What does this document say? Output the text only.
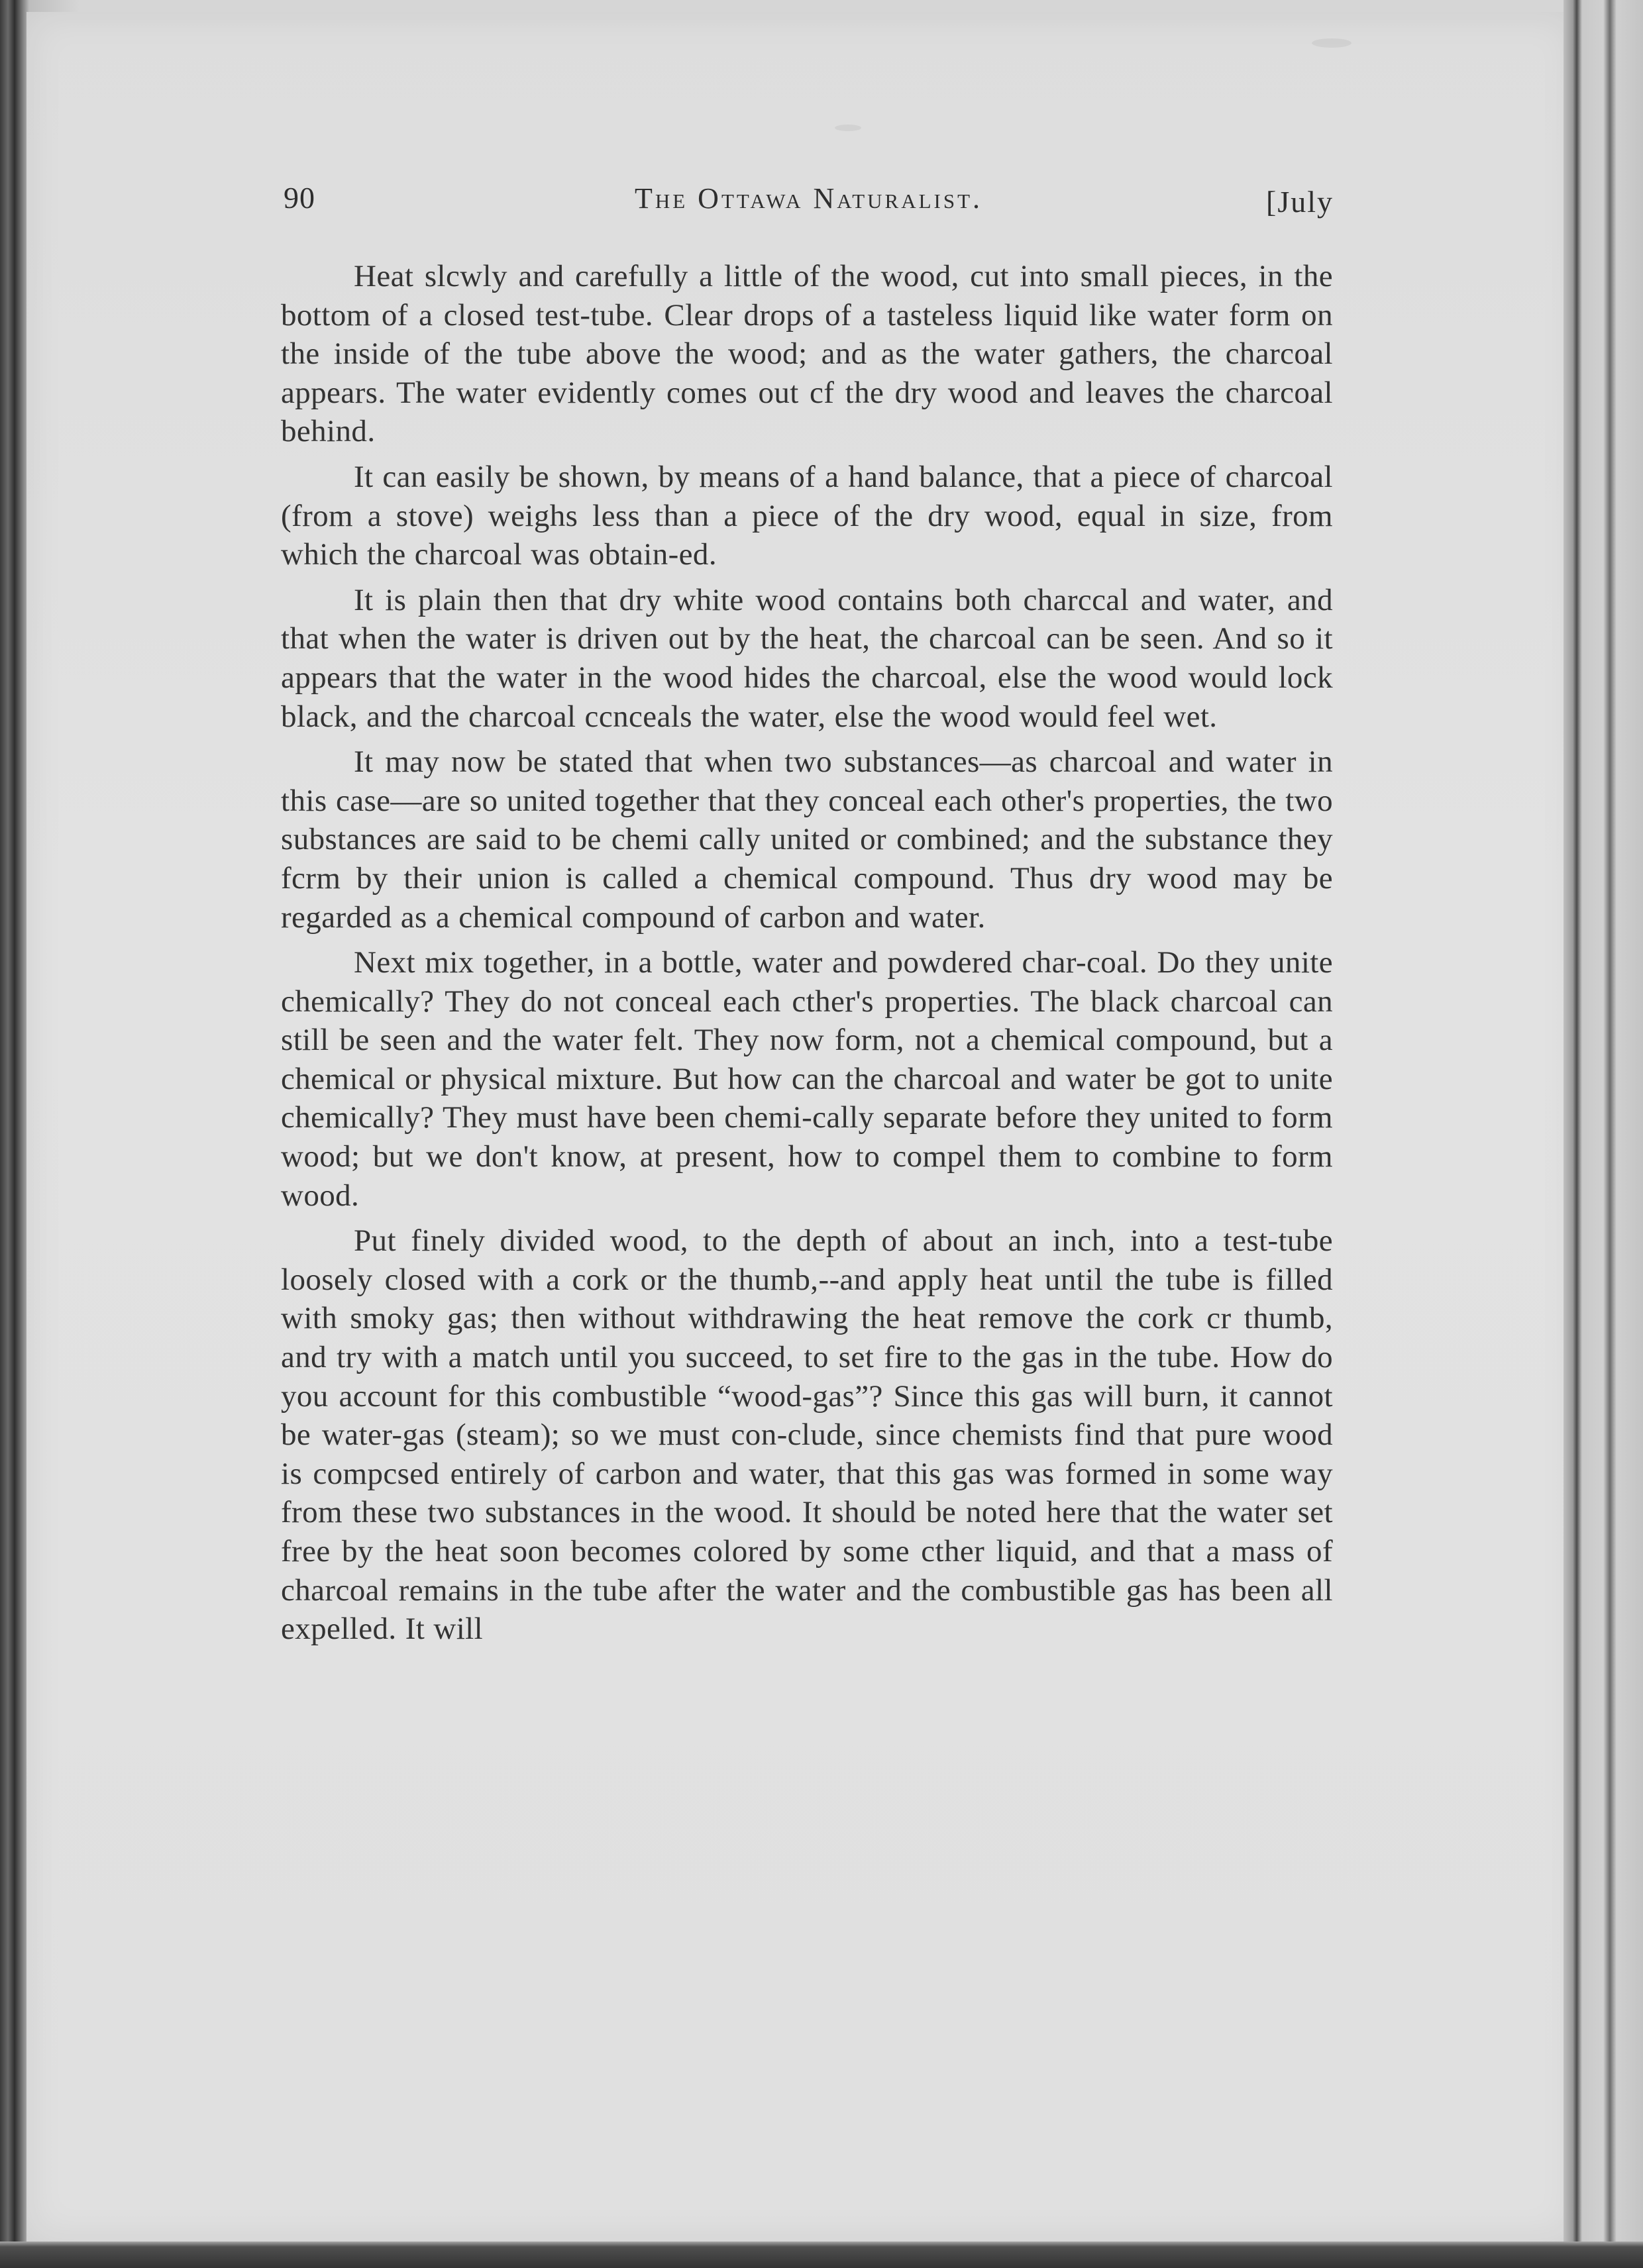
90	The Ottawa Naturalist.	[July

Heat slcwly and carefully a little of the wood, cut into small pieces, in the bottom of a closed test-tube. Clear drops of a tasteless liquid like water form on the inside of the tube above the wood; and as the water gathers, the charcoal appears. The water evidently comes out cf the dry wood and leaves the charcoal behind.

It can easily be shown, by means of a hand balance, that a piece of charcoal (from a stove) weighs less than a piece of the dry wood, equal in size, from which the charcoal was obtain-ed.

It is plain then that dry white wood contains both charccal and water, and that when the water is driven out by the heat, the charcoal can be seen. And so it appears that the water in the wood hides the charcoal, else the wood would lock black, and the charcoal ccnceals the water, else the wood would feel wet.

It may now be stated that when two substances—as charcoal and water in this case—are so united together that they conceal each other's properties, the two substances are said to be chemi cally united or combined; and the substance they fcrm by their union is called a chemical compound. Thus dry wood may be regarded as a chemical compound of carbon and water.

Next mix together, in a bottle, water and powdered char-coal. Do they unite chemically? They do not conceal each cther's properties. The black charcoal can still be seen and the water felt. They now form, not a chemical compound, but a chemical or physical mixture. But how can the charcoal and water be got to unite chemically? They must have been chemi-cally separate before they united to form wood; but we don't know, at present, how to compel them to combine to form wood.

Put finely divided wood, to the depth of about an inch, into a test-tube loosely closed with a cork or the thumb,--and apply heat until the tube is filled with smoky gas; then without withdrawing the heat remove the cork cr thumb, and try with a match until you succeed, to set fire to the gas in the tube. How do you account for this combustible “wood-gas”? Since this gas will burn, it cannot be water-gas (steam); so we must con-clude, since chemists find that pure wood is compcsed entirely of carbon and water, that this gas was formed in some way from these two substances in the wood. It should be noted here that the water set free by the heat soon becomes colored by some cther liquid, and that a mass of charcoal remains in the tube after the water and the combustible gas has been all expelled. It will
